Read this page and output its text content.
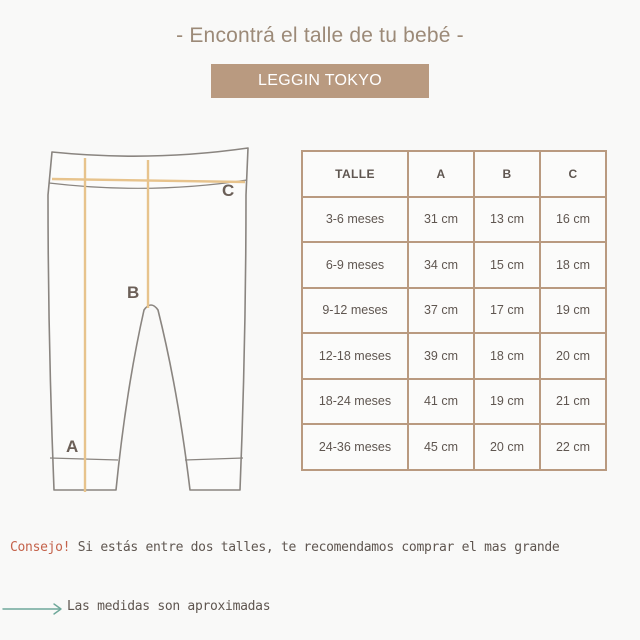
- Encontrá el talle de tu bebé -
LEGGIN TOKYO
A
B
C
TALLE	A	B	C
3-6 meses	31 cm	13 cm	16 cm
6-9 meses	34 cm	15 cm	18 cm
9-12 meses	37 cm	17 cm	19 cm
12-18 meses	39 cm	18 cm	20 cm
18-24 meses	41 cm	19 cm	21 cm
24-36 meses	45 cm	20 cm	22 cm
Consejo! Si estás entre dos talles, te recomendamos comprar el mas grande
Las medidas son aproximadas
